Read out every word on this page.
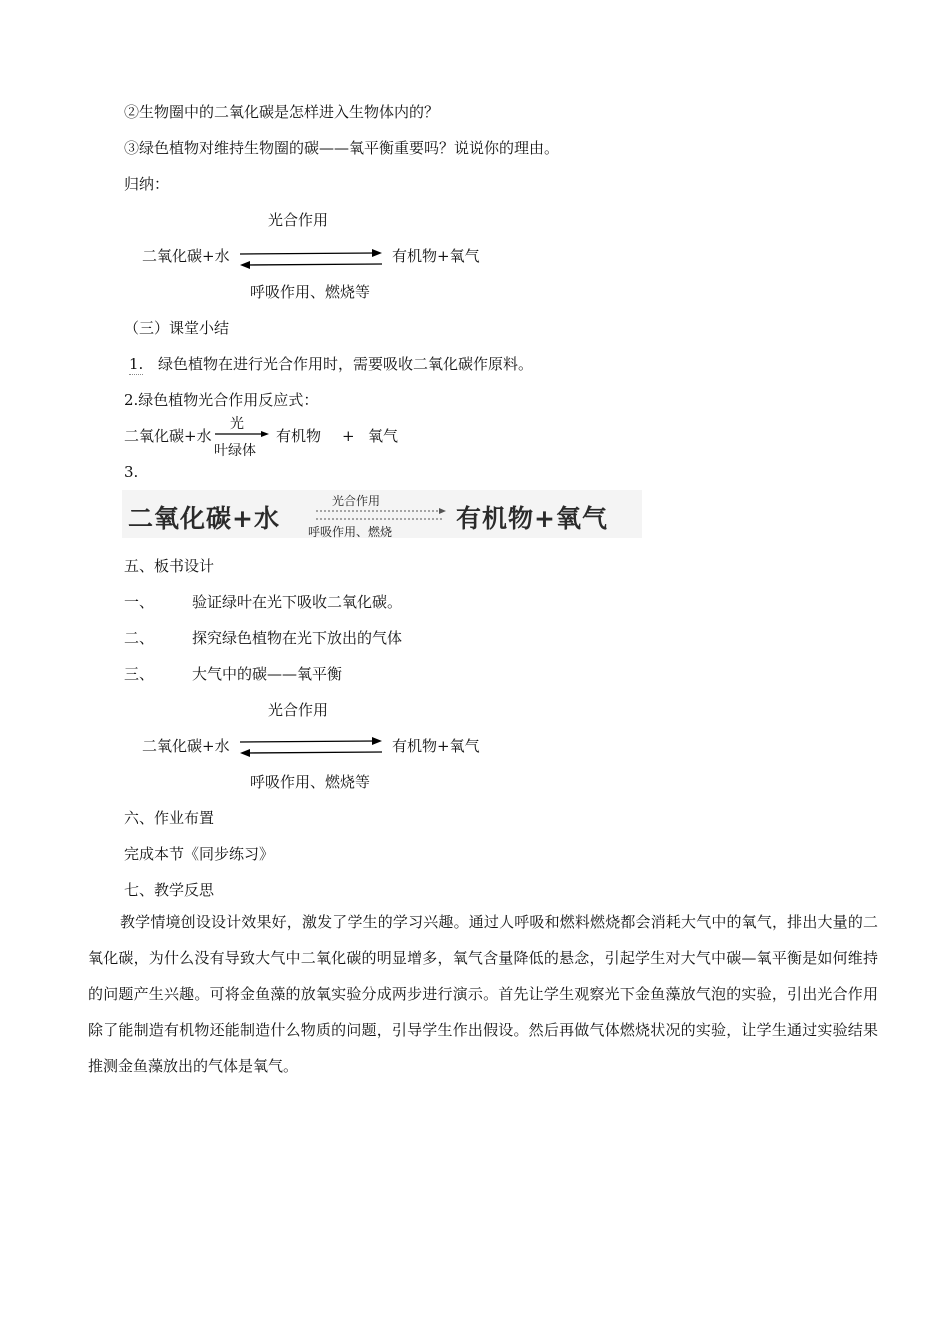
②生物圈中的二氧化碳是怎样进入生物体内的？
③绿色植物对维持生物圈的碳——氧平衡重要吗？说说你的理由。
归纳：
光合作用
二氧化碳+水	有机物+氧气
呼吸作用、燃烧等
（三）课堂小结
1. 绿色植物在进行光合作用时，需要吸收二氧化碳作原料。
2.绿色植物光合作用反应式：
二氧化碳+水
光
叶绿体
有机物 + 氧气
3.
二氧化碳+水
光合作用
呼吸作用、燃烧	有机物+氧气
五、板书设计
一、	验证绿叶在光下吸收二氧化碳。
二、	探究绿色植物在光下放出的气体
三、	大气中的碳——氧平衡
光合作用
二氧化碳+水	有机物+氧气
呼吸作用、燃烧等
六、作业布置
完成本节《同步练习》
七、教学反思
教学情境创设设计效果好，激发了学生的学习兴趣。通过人呼吸和燃料燃烧都会消耗大气中的氧气，排出大量的二氧化碳，为什么没有导致大气中二氧化碳的明显增多，氧气含量降低的悬念，引起学生对大气中碳—氧平衡是如何维持的问题产生兴趣。可将金鱼藻的放氧实验分成两步进行演示。首先让学生观察光下金鱼藻放气泡的实验，引出光合作用除了能制造有机物还能制造什么物质的问题，引导学生作出假设。然后再做气体燃烧状况的实验，让学生通过实验结果推测金鱼藻放出的气体是氧气。
